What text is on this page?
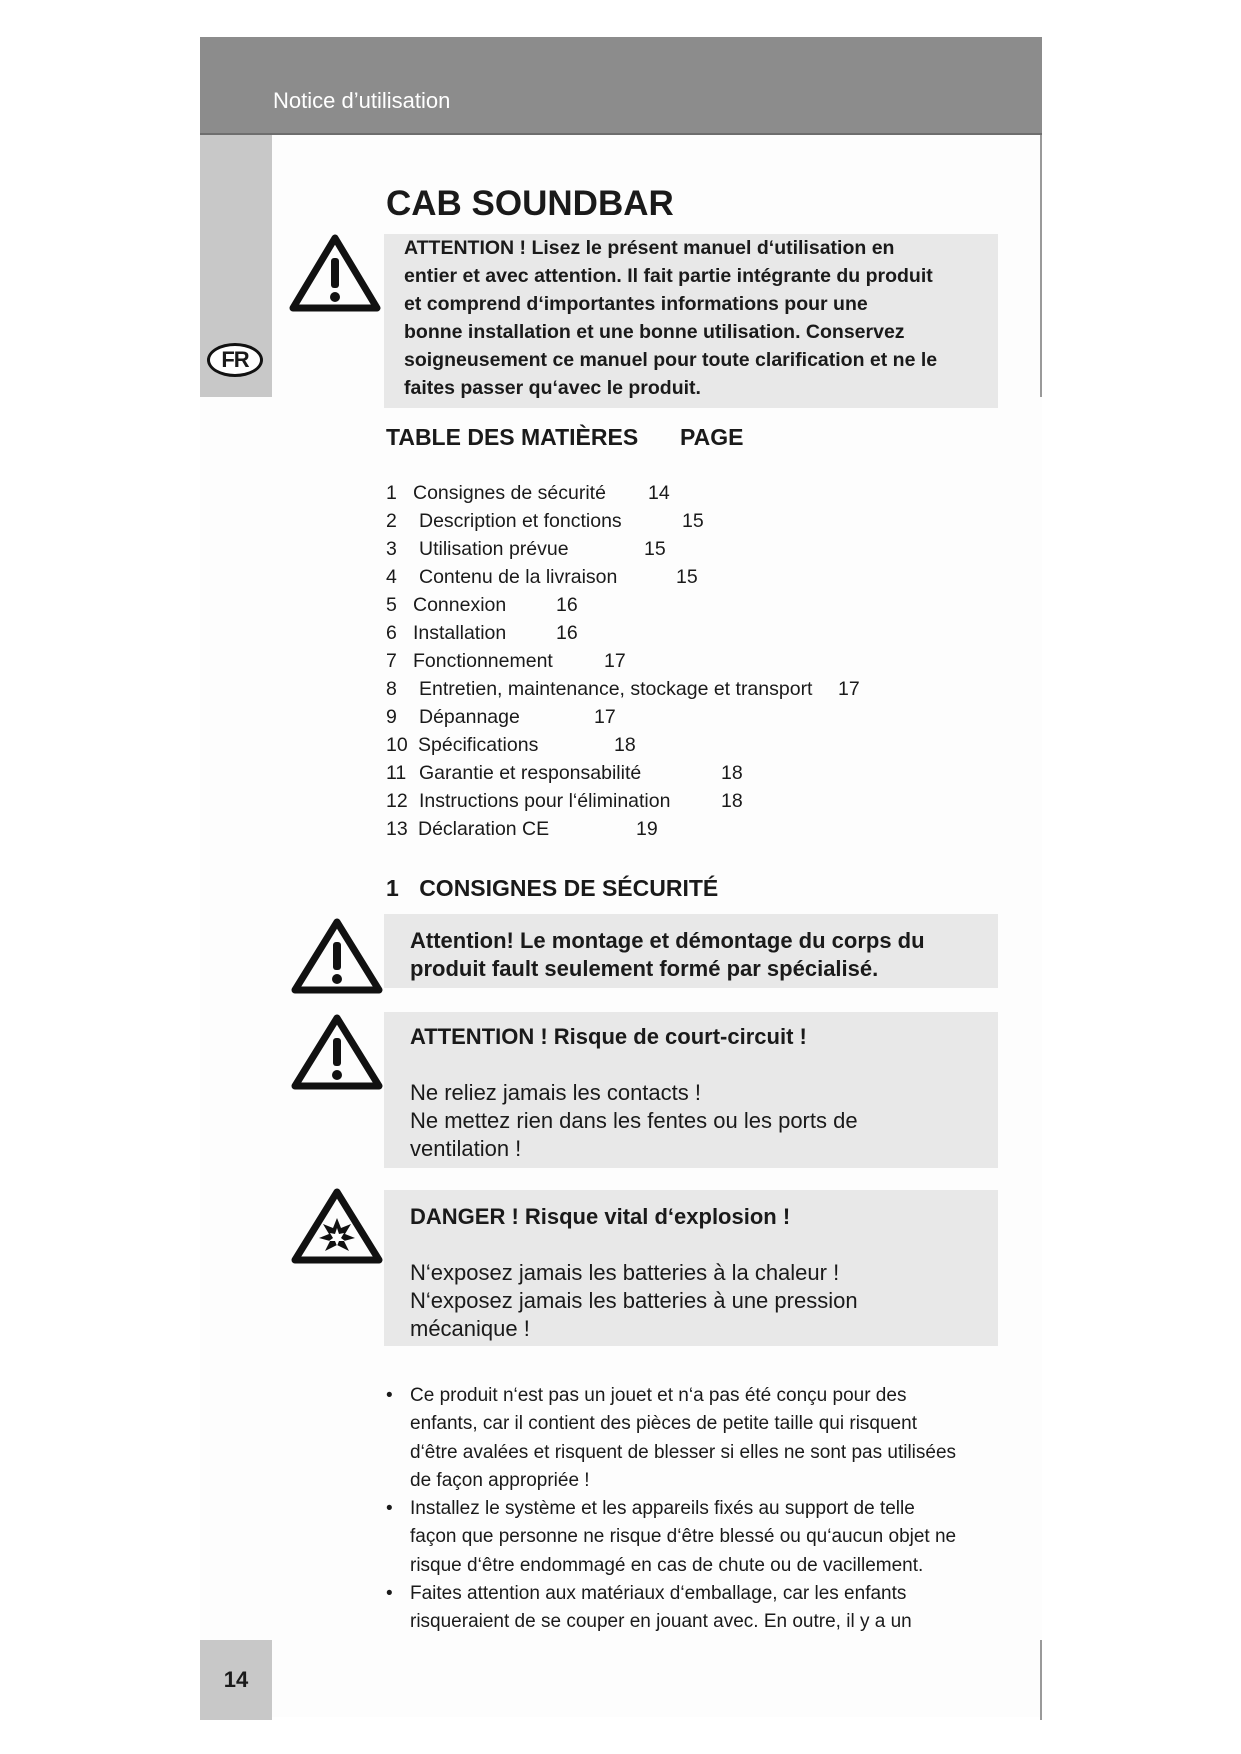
Notice d’utilisation
FR
CAB SOUNDBAR
ATTENTION ! Lisez le présent manuel d‘utilisation en
entier et avec attention. Il fait partie intégrante du produit
et comprend d‘importantes informations pour une
bonne installation et une bonne utilisation. Conservez
soigneusement ce manuel pour toute clarification et ne le
faites passer qu‘avec le produit.
TABLE DES MATIÈRES PAGE
1 Consignes de sécurité 14
2 Description et fonctions	15
3 Utilisation prévue	15
4 Contenu de la livraison	15
5 Connexion	16
6 Installation	16
7 Fonctionnement	17
8 Entretien, maintenance, stockage et transport 17
9 Dépannage	17
10 Spécifications	18
11 Garantie et responsabilité	18
12 Instructions pour l‘élimination	18
13 Déclaration CE	19
1 CONSIGNES DE SÉCURITÉ
Attention! Le montage et démontage du corps du
produit fault seulement formé par spécialisé.
ATTENTION ! Risque de court-circuit !
Ne reliez jamais les contacts !
Ne mettez rien dans les fentes ou les ports de
ventilation !
DANGER ! Risque vital d‘explosion !
N‘exposez jamais les batteries à la chaleur !
N‘exposez jamais les batteries à une pression
mécanique !
• Ce produit n‘est pas un jouet et n‘a pas été conçu pour des
enfants, car il contient des pièces de petite taille qui risquent
d‘être avalées et risquent de blesser si elles ne sont pas utilisées
de façon appropriée !
• Installez le système et les appareils fixés au support de telle
façon que personne ne risque d‘être blessé ou qu‘aucun objet ne
risque d‘être endommagé en cas de chute ou de vacillement.
• Faites attention aux matériaux d‘emballage, car les enfants
risqueraient de se couper en jouant avec. En outre, il y a un
14
